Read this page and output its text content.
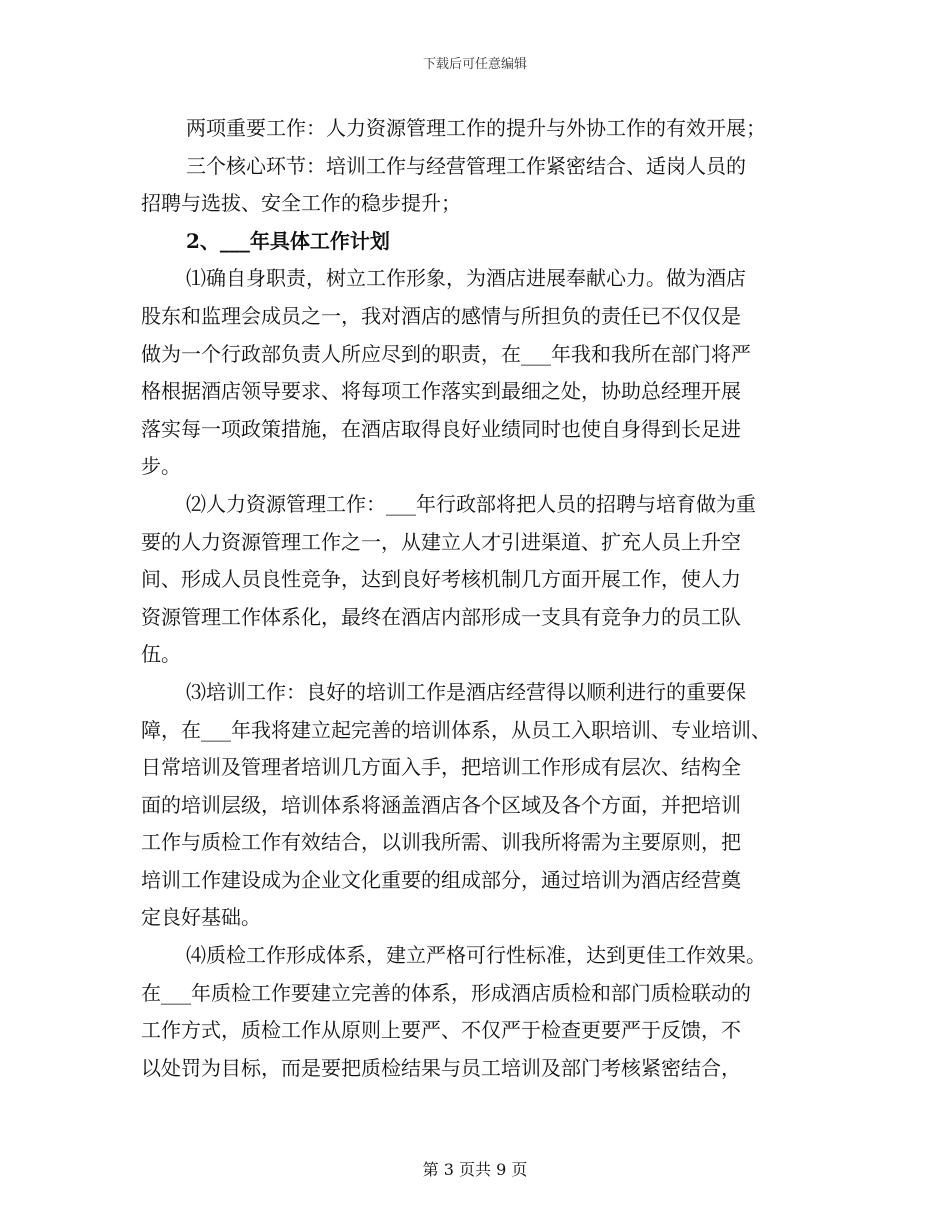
下载后可任意编辑
两项重要工作：人力资源管理工作的提升与外协工作的有效开展；
三个核心环节：培训工作与经营管理工作紧密结合、适岗人员的
招聘与选拔、安全工作的稳步提升；
2、___年具体工作计划
⑴确自身职责，树立工作形象，为酒店进展奉献心力。做为酒店
股东和监理会成员之一，我对酒店的感情与所担负的责任已不仅仅是
做为一个行政部负责人所应尽到的职责，在___年我和我所在部门将严
格根据酒店领导要求、将每项工作落实到最细之处，协助总经理开展
落实每一项政策措施，在酒店取得良好业绩同时也使自身得到长足进
步。
⑵人力资源管理工作：___年行政部将把人员的招聘与培育做为重
要的人力资源管理工作之一，从建立人才引进渠道、扩充人员上升空
间、形成人员良性竞争，达到良好考核机制几方面开展工作，使人力
资源管理工作体系化，最终在酒店内部形成一支具有竞争力的员工队
伍。
⑶培训工作：良好的培训工作是酒店经营得以顺利进行的重要保
障，在___年我将建立起完善的培训体系，从员工入职培训、专业培训、
日常培训及管理者培训几方面入手，把培训工作形成有层次、结构全
面的培训层级，培训体系将涵盖酒店各个区域及各个方面，并把培训
工作与质检工作有效结合，以训我所需、训我所将需为主要原则，把
培训工作建设成为企业文化重要的组成部分，通过培训为酒店经营奠
定良好基础。
⑷质检工作形成体系，建立严格可行性标准，达到更佳工作效果。
在___年质检工作要建立完善的体系，形成酒店质检和部门质检联动的
工作方式，质检工作从原则上要严、不仅严于检查更要严于反馈，不
以处罚为目标，而是要把质检结果与员工培训及部门考核紧密结合，
第 3 页共 9 页
